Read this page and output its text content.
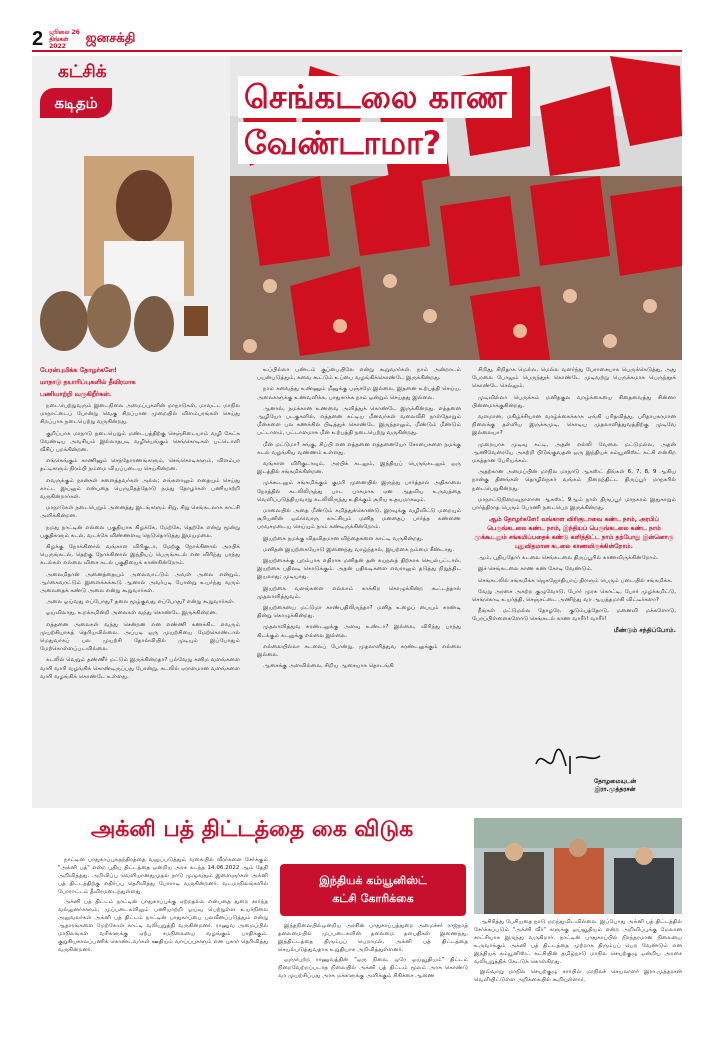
2 ஜூலை 26
திங்கள்
2022	ஜனசக்தி
செங்கடலை காண
வேண்டாமா?
கட்சிக்
கடிதம்

பேரன்புமிக்க தோழர்களே!

மாநாடு தயாரிப்புகளில் தீவிரமாக

பணியாற்றி வருகிறீர்கள்.

நடைபெற்றுவரும் இடைநிலை அமைப்புகளின் மாநாடுகள், மாவட்ட மாநில மாநாட்டைப் போன்று வெகு சிறப்பான முறையில் விளம்பரங்கள் செய்து சிறப்பாக நடைபெற்று வருகின்றது.

குறிப்பாக மாநாடு நடைபெறும் மண்டபத்திற்கு செஞ்சிடையாம் வழி கேட்க வேண்டிய அவசியம் இல்லாதபடி வழியெங்கும் செங்கொடிகள் பட்டொளி வீசிப் பறக்கின்றன.

எங்கெங்கும் காணினும் செந்தோரணங்களும், செங்கொடிகளும், விளம்பர தட்டிகளும் நிரம்பி நம்மை வியப்படைய செய்கின்றன.

எவருக்கும் நான்கள் சளைத்தவர்கள் அல்ல; எங்களாலும் எதையும் செய்து காட்ட இயலும் என்பதை பெருமிதத்தோடு நமது தோழர்கள் பணியாற்றி வருகின்றார்கள்.

மாநாடுகள் நடைபெறும் அனைத்து இடங்களும் சிறு, சிறு செங்கடலாக காட்சி அளிக்கின்றன.

நமது நாட்டின் எல்லை பகுதியாக கிழக்கே, மேற்கே, தெற்கே என்று மூன்று பகுதிகளும் கடல், வடக்கே விண்ணளவு நெடுதொடுத்து இமயமலை.

கிழக்கு நோக்கினால் வங்காள விரிகுடா, மேற்கு நோக்கினால் அரபிக் பெருங்கடல், தெற்கு நோக்கினால் இந்தியப் பெருங்கடல் என விரிந்து பரந்து கடல்கள் எல்லை விசை கடல் பகுதியைக் காண்கின்றோம்.

அலைமிதான் அனைத்தையும் அலைவாட்டும் அவள் அலை என்றும், ஆர்கைவரட்டும் இளைக்கக்கூடு ஆனால் அவர்படி போன்று உயர்ந்து வரும் அலைதைக் கண்டு அலை என்று கூறுவார்கள்.

அலை ஓய்வது எப்போது? தலை மூழ்குவது எப்போது? என்று கூறுவார்கள்.

ஓய்விலாது, உறக்கமின்றி அலைகள் வந்து கொண்டே இருக்கின்றன.

எத்தனை அலைகள் வந்து சென்றன என எண்ணி கணக்கிட எவரும் முயற்சியாகத் தெரியவில்லை. அப்படி ஒரு முயற்சியை மேற்கொண்டால் மெதுவாகப் பல முயற்சி தோல்வியில் முடியும் இப்போதும் மேற்கொள்ளப்படவில்லை.

கடலில் வெறும் தண்ணீர் மட்டும் இருக்கின்றதா? பல்வேறு கனிம வளங்களை வாரி வாரி வழங்கிக் கொண்டிருப்பது போன்று, கடலில் ஏராளமான வளங்களை வாரி வழங்கிக் கொண்டே உள்ளது.

உப்பில்லா பண்டம் குப்பையிலே என்று கூறுவார்கள். நாம் அன்றாடம் பயன்படுத்தும், சுவை கூட்டும் உப்பை வழங்கிக்கொண்டே இருக்கின்றது.

நாம் சுவைத்து உண்ணும் மீனுக்கு பஞ்சமே இல்லை, இதனை உற்பத்தி செய்ய, அலைகளுக்கு உணவளிக்க, பாதுகாக்க நாம் ஒன்றும் செய்தது இல்லை.

ஆனால், நமக்கான உணவை அளித்துக் கொண்டே இருக்கின்றது. எத்தனை ஆழியோ படகுகளில், எத்தனை கட்டிய மீனவர்கள் வலைவீசி நாள்தோறும் மீன்களை பல கணக்கில் பிடித்துக் கொண்டே இருந்தாலும், மீண்டும் மீண்டும் பட்டாளம், பட்டாளமாக மீன் உற்பத்தி நடைபெற்று வருகின்றது.

மீன் மட்டுமா? சங்கு, சிப்பி என எத்தனை எத்தனையோ சோபைகளை நமக்கு கடல் வழங்கிய வண்ணம் உள்ளது.

வங்காள விரிகுடாவும், அரபிக் கடலும், இந்தியப் பெருங்கடலும் ஒரு இடத்தில் சங்கமிக்கின்றன.

முக்கூடலும் சங்கமிக்கும் குமரி முனையில் இருந்து பார்த்தால் அதிகாலை நேரத்தில் கடலிலிருந்து பாட பாகமாக ஏன ஆதவிய உருவத்தை வெளிப்படுத்தியவாறு கடலிலிருந்து உதிக்கும் சூரிய உதயமாகவும்.

மாலையில் அதை மீண்டும் சுமித்துக்கொண்டு, இரவுக்கு வழிவிட்டு மறையும் சூரியனின் ஒவ்வொரு காட்சியும் மனித மனதைப் பார்த்த கண்ணை பரவசமடைய செய்யும் நாம் கண்டிருக்கின்றோம்.

இயற்கை நமக்கு விதவிதமான விந்தைகளை காட்டி வருகின்றது.

மனிதன் இயற்கையோடு இணைந்து வாழ்ந்தால், இயற்கை நம்மை சீண்டாது.

இயற்கைக்கு புறம்பாக எதிராக மனிதன் தன் சுயநலத் திற்காக செயல்பட்டால், இயற்கை பதிலடி கொடுக்கும். அதன் பதிலடிகளை எவராலும் தடுத்து நிறுத்திட இயலாது; முடியாது.

இயற்கை வளங்களை எல்லாம் காக்கிற கொழுக்கின்ற கூட்டத்தால் முதலாளித்துவம்.

இயற்கையை மட்டுமா காண்பதிலிருந்தா? மனித உழைப் பையும் சுரண்டி தின்று கொழுக்கின்றது.

முதலாளித்துவ சுரண்டலுக்கு அளவு உண்டா? இல்லை, விரிந்து பரந்து கிடக்கும் கடலுக்கு எல்லை இல்லை.

எல்லையில்லா கடலைப் போன்று, முதலாளித்துவ சுரண்டலுக்கும் எல்லை இல்லை.

ஆசைக்கு அளவில்லை, சிறிய ஆசையாக தொடங்கி

சிறிது, சிறிதாக மெல்ல, மெல்ல வளர்ந்து பேராசையாக பெருக்கெடுத்து, அது பேரலை போலும் பெருந்தூக் கொண்டே முடிவற்று பெருக்கமாக பெருந்தூக் கொண்டே செல்லும்.

முடிவில்லா பெருக்கம் மனிதகுல வாழ்க்கையை சிதைவைத்து சின்னா பின்னமாக்குகின்றது.

வளமான, மகிழ்ச்சியான வாழ்க்கைக்காக ஏங்கி பரிதவித்து, பரிதாபகரமான நிலைக்கு தள்ளிய இருக்கமுடி, கொடிய முதலாளித்துவத்திற்கு முடிவே இல்லையா?

முறையாக முடிவு கட்டி, அதன் எல்லி வேலை மட்டுமல்ல, அதன் ஆணிவேரையே அகற்றி பிடுங்குவதன் ஒரு இந்தியக் கம்யூனிஸ்ட் கட்சி என்கிற மகத்தான பேரியக்கம்.

அதற்கான அமைப்பின் மாநில மாநாடு ஆகஸ்ட் திங்கள் 6, 7, 8, 9 ஆகிய நான்கு தினங்கள் தொழில்நகர் வங்கம் நிறைந்திட்ட திருப்பூர் மாநகரில் நடைபெறுகின்றது.

மாநாட்டுநிறைவுநாளான ஆகஸ்ட் 9ஆம் நாள் திருப்பூர் மாநகரம் இதுகாறும் பார்த்திராத பெரும் பேரணி நடைபெற இருக்கின்றது.

ஆம் தோழர்களே! வங்காள விரிகுடாவை கண்ட நாம், அரபிப் பெருங்கடலை கண்ட நாம், இந்தியப் பெருங்கடலை கண்ட நாம் முக்கூடலும் சங்கமிப்பதைக் கண்டு களித்திட்ட நாம் தற்போது இன்னொரு புதுவிதமான கடலை காணவிருக்கின்றோம்.

ஆம், புதியதோர் கடலை செங்கடலை திருப்பூரில் காணவிருக்கின்றோம்.

இச் செங்கடலை காண கண் கோடி வேண்டும்.

செங்கடலில் சங்கமிக்க ஜெகஜோதியாய் திரளும் பெரும் படையில் சங்கமிக்க.

வேறு அரசை அகற்ற குழுவோடு, போர் முரசு கொட்டி, போர் முழக்கமிட்டு, செங்கொடி உயர்த்தி, செஞ்சட்டை அணிந்து வர ஆயத்தமாகி விட்டீர்களா?

நீங்கள் மட்டுமல்ல தோழரே, குடும்பத்தோடு, மனைவி மக்களோடு, பேரப்பிள்ளைகளோடு செங்கடல் காண வாரீர்! வாரீர்!

மீண்டும் சந்திப்போம்.

தோழமையுடன்
இரா.முத்தரசன்
அக்னி பத் திட்டத்தை கை விடுக

நாட்டின் பாதுகாப்புசுதந்திரத்தை வலுப்படுத்தும் வகையில் வீரர்களை சேர்க்கும் "அக்னி பத்" என்ற புதிய திட்டத்தை ஒன்றிய அரசு கடந்த 14.06.2022 ஆம் தேதி அறிவித்தது. அறிவிப்பு வெளியானதுமுதல் நாடு முழுவதும் இளைஞர்கள் அக்னி பத் திட்டத்திற்கு எதிர்ப்பு தெரிவித்து போராடி வருகின்றனர். வடமாநிலங்களில் போராட்டம் தீவிரமடைந்துள்ளது.

அக்னி பத் திட்டம் நாட்டின் பாதுகாப்புக்கு ஏற்றதல்ல என்பதை துறை சார்ந்த வல்லுனர்களும், முப்படைகளிலும் பணியாற்றி ஓய்வு பெற்றுள்ள உயர்நிலை அலுவலர்கள் அக்னி பத் திட்டம் நாட்டின் பாதுகாப்பை பலவீனப்படுத்தும் என்று ஆதாரங்களை மேற்கோள் காட்டி வலியுறுத்தி வருகின்றனர். ராணுவ அமைப்பில் மாநிலங்கள் வரிகளுக்கு ஏற்ப சமநிலையை வழங்கும் பாதிக்கும். குறுகியகாலப்பணிக் கொண்டவர்கள் ஊதியம் வாய்ப்புகளும் என புகார் தெரிவித்து வருகின்றனர்.

இந்தியக் கம்யூனிஸ்ட்
கட்சி கோரிக்கை

இந்தநிலையில்ஒன்றிய அரசின் பாதுகாப்புத்துறை அமைச்சர் ராஜ்நாத் தலைமையில் முப்படைகளின் தலைமை தளபதிகள் இணைந்து, இத்திட்டத்தை திரும்பப் பெறாமல், அக்னி பத் திட்டத்தை செயல்படுத்துவதாக உறுதியாக அறிவித்துள்ளனர்.

ஒருபெற்ற ராணுவத்தின் "ஒரு நிலை, ஒரே ஓய்வூதியம்" திட்டம் நிறைவேற்றப்படாத நிலையில் அக்னி பத் திட்டம் மூலம் அரசு கொண்டு வர முயற்சிப்பது அரசு மக்களுக்கு அளிக்கும் சிகிச்சை ஆணை

ஆசிரித்து பேசியதை நாடு மறந்துவிடவில்லை. இப்போது அக்னி பத் திட்டத்தில் சேர்க்கப்படும் "அக்னி வீர்" களுக்கு ஓய்வூதியம் என்ற அறிவிப்புக்கு மேலான சாட்சியாக இருந்து வருகிறார். நாட்டின் பாதுகாப்பில் நிரந்தரமான நிலையை உருவாக்கும் அக்னி பத் திட்டத்தை முற்றாக திரும்பப் பெற வேண்டும் என இந்தியக் கம்யூனிஸ்ட் கட்சியின் தமிழ்நாடு மாநில செயற்குழு ஒன்றிய அரசை வலியுறுத்திக் கேட்டுக் கொள்கிறது.

இவ்வாறு மாநில செயற்குழு சார்பில் மாநிலச் செயலாளர் இரா.முத்தரசன் வெளியிட்டுள்ள அறிக்கையில் கூறியுள்ளார்.
